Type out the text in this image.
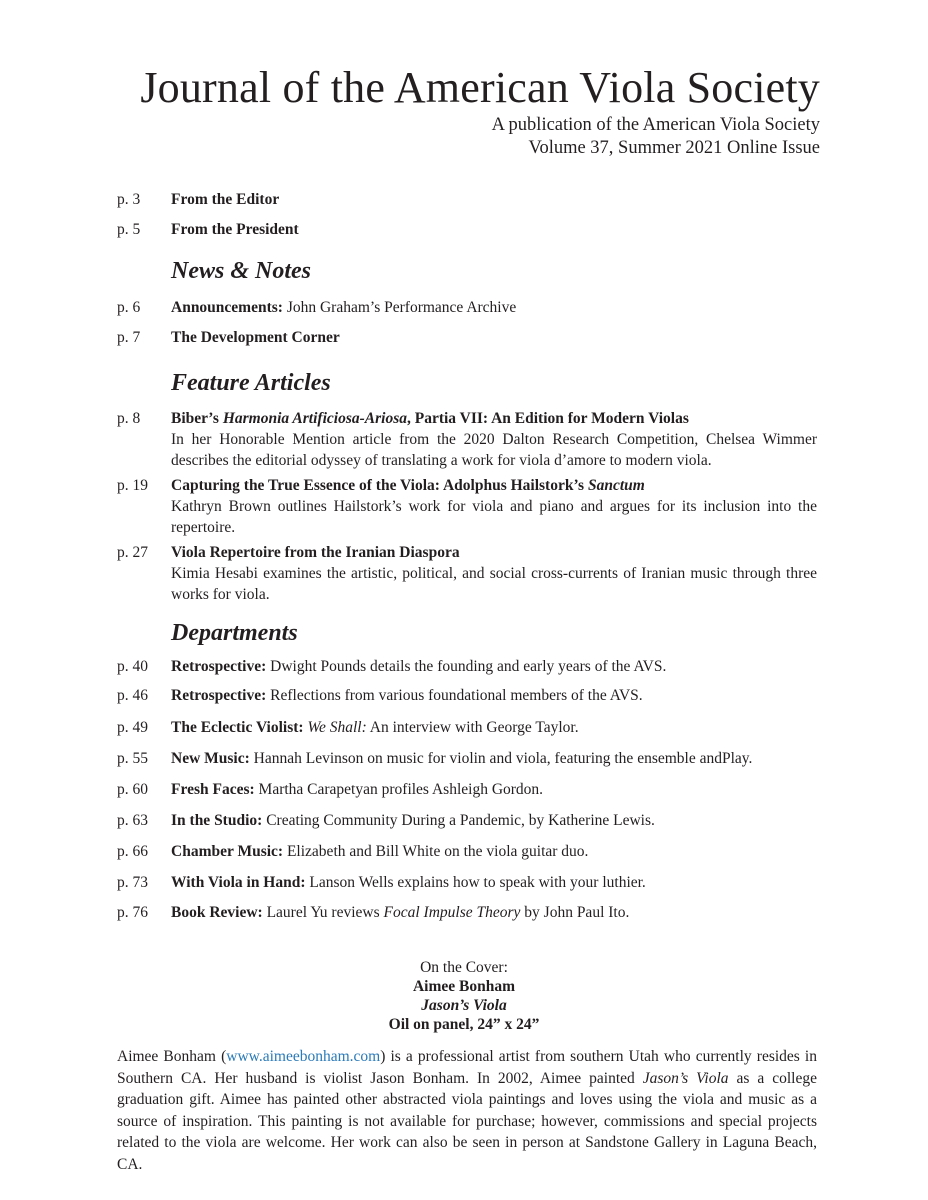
Journal of the American Viola Society
A publication of the American Viola Society
Volume 37, Summer 2021 Online Issue
p. 3 From the Editor
p. 5 From the President
News & Notes
p. 6 Announcements: John Graham’s Performance Archive
p. 7 The Development Corner
Feature Articles
p. 8 Biber’s Harmonia Artificiosa-Ariosa, Partia VII: An Edition for Modern Violas
In her Honorable Mention article from the 2020 Dalton Research Competition, Chelsea Wimmer describes the editorial odyssey of translating a work for viola d’amore to modern viola.
p. 19 Capturing the True Essence of the Viola: Adolphus Hailstork’s Sanctum
Kathryn Brown outlines Hailstork’s work for viola and piano and argues for its inclusion into the repertoire.
p. 27 Viola Repertoire from the Iranian Diaspora
Kimia Hesabi examines the artistic, political, and social cross-currents of Iranian music through three works for viola.
Departments
p. 40 Retrospective: Dwight Pounds details the founding and early years of the AVS.
p. 46 Retrospective: Reflections from various foundational members of the AVS.
p. 49 The Eclectic Violist: We Shall: An interview with George Taylor.
p. 55 New Music: Hannah Levinson on music for violin and viola, featuring the ensemble andPlay.
p. 60 Fresh Faces: Martha Carapetyan profiles Ashleigh Gordon.
p. 63 In the Studio: Creating Community During a Pandemic, by Katherine Lewis.
p. 66 Chamber Music: Elizabeth and Bill White on the viola guitar duo.
p. 73 With Viola in Hand: Lanson Wells explains how to speak with your luthier.
p. 76 Book Review: Laurel Yu reviews Focal Impulse Theory by John Paul Ito.
On the Cover:
Aimee Bonham
Jason’s Viola
Oil on panel, 24” x 24”
Aimee Bonham (www.aimeebonham.com) is a professional artist from southern Utah who currently resides in Southern CA. Her husband is violist Jason Bonham. In 2002, Aimee painted Jason’s Viola as a college graduation gift. Aimee has painted other abstracted viola paintings and loves using the viola and music as a source of inspiration. This painting is not available for purchase; however, commissions and special projects related to the viola are welcome. Her work can also be seen in person at Sandstone Gallery in Laguna Beach, CA.
